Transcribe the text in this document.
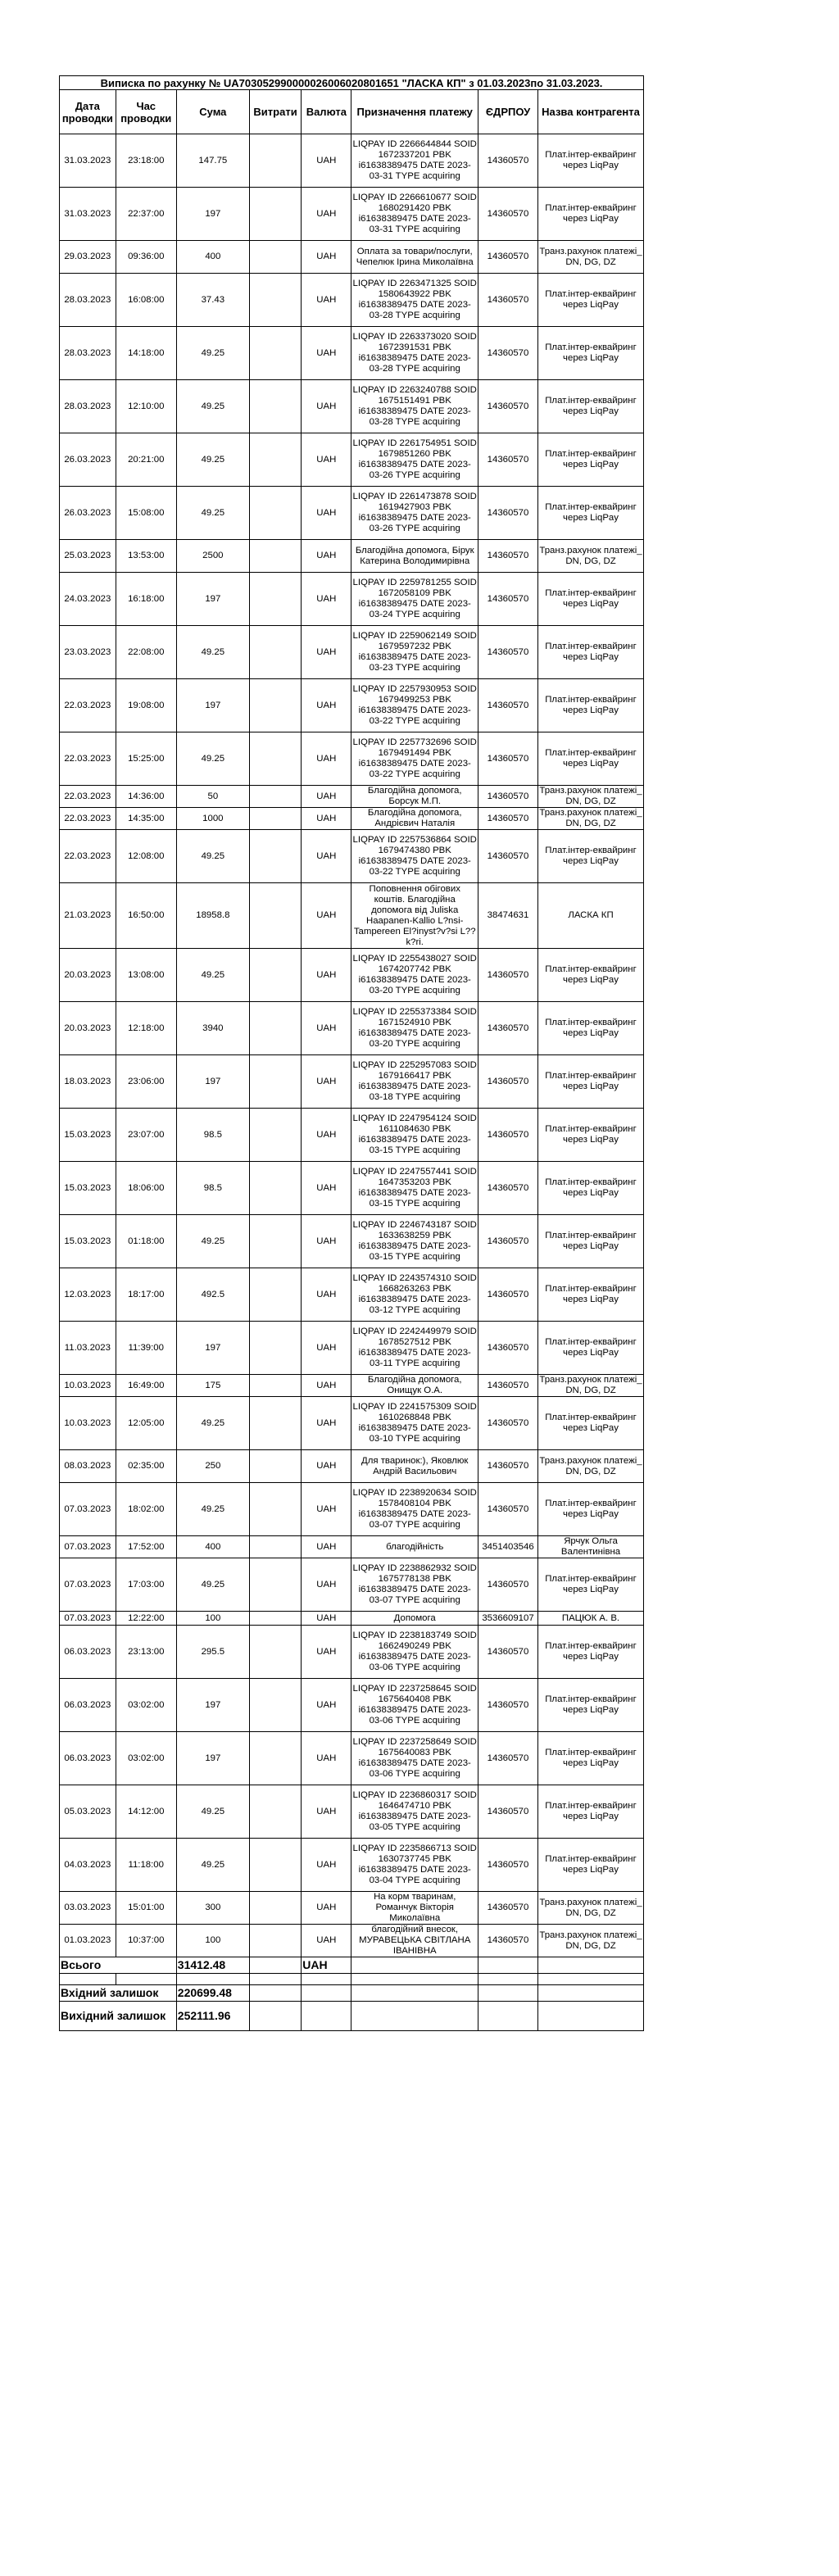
Виписка по рахунку № UA703052990000026006020801651 "ЛАСКА КП" з 01.03.2023по 31.03.2023.							
Дата проводки	Час проводки	Сума	Витрати	Валюта	Призначення платежу	ЄДРПОУ	Назва контрагента
31.03.2023	23:18:00	147.75		UAH	LIQPAY ID 2266644844 SOID 1672337201 PBK i61638389475 DATE 2023-03-31 TYPE acquiring	14360570	Плат.інтер-еквайринг через LiqPay
31.03.2023	22:37:00	197		UAH	LIQPAY ID 2266610677 SOID 1680291420 PBK i61638389475 DATE 2023-03-31 TYPE acquiring	14360570	Плат.інтер-еквайринг через LiqPay
29.03.2023	09:36:00	400		UAH	Оплата за товари/послуги, Чепелюк Ірина Миколаївна	14360570	Транз.рахунок платежі_ DN, DG, DZ
28.03.2023	16:08:00	37.43		UAH	LIQPAY ID 2263471325 SOID 1580643922 PBK i61638389475 DATE 2023-03-28 TYPE acquiring	14360570	Плат.інтер-еквайринг через LiqPay
28.03.2023	14:18:00	49.25		UAH	LIQPAY ID 2263373020 SOID 1672391531 PBK i61638389475 DATE 2023-03-28 TYPE acquiring	14360570	Плат.інтер-еквайринг через LiqPay
28.03.2023	12:10:00	49.25		UAH	LIQPAY ID 2263240788 SOID 1675151491 PBK i61638389475 DATE 2023-03-28 TYPE acquiring	14360570	Плат.інтер-еквайринг через LiqPay
26.03.2023	20:21:00	49.25		UAH	LIQPAY ID 2261754951 SOID 1679851260 PBK i61638389475 DATE 2023-03-26 TYPE acquiring	14360570	Плат.інтер-еквайринг через LiqPay
26.03.2023	15:08:00	49.25		UAH	LIQPAY ID 2261473878 SOID 1619427903 PBK i61638389475 DATE 2023-03-26 TYPE acquiring	14360570	Плат.інтер-еквайринг через LiqPay
25.03.2023	13:53:00	2500		UAH	Благодійна допомога, Бірук Катерина Володимирівна	14360570	Транз.рахунок платежі_ DN, DG, DZ
24.03.2023	16:18:00	197		UAH	LIQPAY ID 2259781255 SOID 1672058109 PBK i61638389475 DATE 2023-03-24 TYPE acquiring	14360570	Плат.інтер-еквайринг через LiqPay
23.03.2023	22:08:00	49.25		UAH	LIQPAY ID 2259062149 SOID 1679597232 PBK i61638389475 DATE 2023-03-23 TYPE acquiring	14360570	Плат.інтер-еквайринг через LiqPay
22.03.2023	19:08:00	197		UAH	LIQPAY ID 2257930953 SOID 1679499253 PBK i61638389475 DATE 2023-03-22 TYPE acquiring	14360570	Плат.інтер-еквайринг через LiqPay
22.03.2023	15:25:00	49.25		UAH	LIQPAY ID 2257732696 SOID 1679491494 PBK i61638389475 DATE 2023-03-22 TYPE acquiring	14360570	Плат.інтер-еквайринг через LiqPay
22.03.2023	14:36:00	50		UAH	Благодійна допомога, Борсук М.П.	14360570	Транз.рахунок платежі_ DN, DG, DZ
22.03.2023	14:35:00	1000		UAH	Благодійна допомога, Андрієвич Наталія	14360570	Транз.рахунок платежі_ DN, DG, DZ
22.03.2023	12:08:00	49.25		UAH	LIQPAY ID 2257536864 SOID 1679474380 PBK i61638389475 DATE 2023-03-22 TYPE acquiring	14360570	Плат.інтер-еквайринг через LiqPay
21.03.2023	16:50:00	18958.8		UAH	Поповнення обігових коштів. Благодійна допомога від Juliska Haapanen-Kallio L?nsi-Tampereen El?inyst?v?si L??k?ri.	38474631	ЛАСКА КП
20.03.2023	13:08:00	49.25		UAH	LIQPAY ID 2255438027 SOID 1674207742 PBK i61638389475 DATE 2023-03-20 TYPE acquiring	14360570	Плат.інтер-еквайринг через LiqPay
20.03.2023	12:18:00	3940		UAH	LIQPAY ID 2255373384 SOID 1671524910 PBK i61638389475 DATE 2023-03-20 TYPE acquiring	14360570	Плат.інтер-еквайринг через LiqPay
18.03.2023	23:06:00	197		UAH	LIQPAY ID 2252957083 SOID 1679166417 PBK i61638389475 DATE 2023-03-18 TYPE acquiring	14360570	Плат.інтер-еквайринг через LiqPay
15.03.2023	23:07:00	98.5		UAH	LIQPAY ID 2247954124 SOID 1611084630 PBK i61638389475 DATE 2023-03-15 TYPE acquiring	14360570	Плат.інтер-еквайринг через LiqPay
15.03.2023	18:06:00	98.5		UAH	LIQPAY ID 2247557441 SOID 1647353203 PBK i61638389475 DATE 2023-03-15 TYPE acquiring	14360570	Плат.інтер-еквайринг через LiqPay
15.03.2023	01:18:00	49.25		UAH	LIQPAY ID 2246743187 SOID 1633638259 PBK i61638389475 DATE 2023-03-15 TYPE acquiring	14360570	Плат.інтер-еквайринг через LiqPay
12.03.2023	18:17:00	492.5		UAH	LIQPAY ID 2243574310 SOID 1668263263 PBK i61638389475 DATE 2023-03-12 TYPE acquiring	14360570	Плат.інтер-еквайринг через LiqPay
11.03.2023	11:39:00	197		UAH	LIQPAY ID 2242449979 SOID 1678527512 PBK i61638389475 DATE 2023-03-11 TYPE acquiring	14360570	Плат.інтер-еквайринг через LiqPay
10.03.2023	16:49:00	175		UAH	Благодійна допомога, Онищук О.А.	14360570	Транз.рахунок платежі_ DN, DG, DZ
10.03.2023	12:05:00	49.25		UAH	LIQPAY ID 2241575309 SOID 1610268848 PBK i61638389475 DATE 2023-03-10 TYPE acquiring	14360570	Плат.інтер-еквайринг через LiqPay
08.03.2023	02:35:00	250		UAH	Для тваринок:), Яковлюк Андрій Васильович	14360570	Транз.рахунок платежі_ DN, DG, DZ
07.03.2023	18:02:00	49.25		UAH	LIQPAY ID 2238920634 SOID 1578408104 PBK i61638389475 DATE 2023-03-07 TYPE acquiring	14360570	Плат.інтер-еквайринг через LiqPay
07.03.2023	17:52:00	400		UAH	благодійність	3451403546	Ярчук Ольга Валентинівна
07.03.2023	17:03:00	49.25		UAH	LIQPAY ID 2238862932 SOID 1675778138 PBK i61638389475 DATE 2023-03-07 TYPE acquiring	14360570	Плат.інтер-еквайринг через LiqPay
07.03.2023	12:22:00	100		UAH	Допомога	3536609107	ПАЦЮК А. В.
06.03.2023	23:13:00	295.5		UAH	LIQPAY ID 2238183749 SOID 1662490249 PBK i61638389475 DATE 2023-03-06 TYPE acquiring	14360570	Плат.інтер-еквайринг через LiqPay
06.03.2023	03:02:00	197		UAH	LIQPAY ID 2237258645 SOID 1675640408 PBK i61638389475 DATE 2023-03-06 TYPE acquiring	14360570	Плат.інтер-еквайринг через LiqPay
06.03.2023	03:02:00	197		UAH	LIQPAY ID 2237258649 SOID 1675640083 PBK i61638389475 DATE 2023-03-06 TYPE acquiring	14360570	Плат.інтер-еквайринг через LiqPay
05.03.2023	14:12:00	49.25		UAH	LIQPAY ID 2236860317 SOID 1646474710 PBK i61638389475 DATE 2023-03-05 TYPE acquiring	14360570	Плат.інтер-еквайринг через LiqPay
04.03.2023	11:18:00	49.25		UAH	LIQPAY ID 2235866713 SOID 1630737745 PBK i61638389475 DATE 2023-03-04 TYPE acquiring	14360570	Плат.інтер-еквайринг через LiqPay
03.03.2023	15:01:00	300		UAH	На корм тваринам, Романчук Вікторія Миколаївна	14360570	Транз.рахунок платежі_ DN, DG, DZ
01.03.2023	10:37:00	100		UAH	благодійний внесок, МУРАВЕЦЬКА СВІТЛАНА ІВАНІВНА	14360570	Транз.рахунок платежі_ DN, DG, DZ
Всього		31412.48		UAH			

Вхідний залишок		220699.48					
Вихідний залишок		252111.96					
